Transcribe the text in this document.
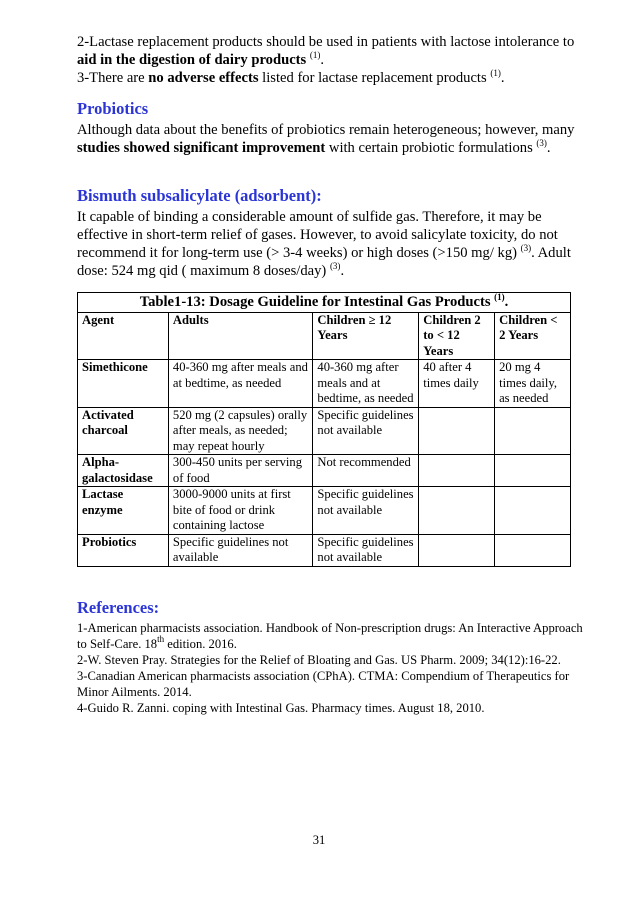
2-Lactase replacement products should be used in patients with lactose intolerance to aid in the digestion of dairy products $^{(1)}$.
3-There are no adverse effects listed for lactase replacement products $^{(1)}$.

Probiotics

Although data about the benefits of probiotics remain heterogeneous; however, many studies showed significant improvement with certain probiotic formulations $^{(3)}$.

Bismuth subsalicylate (adsorbent):

It capable of binding a considerable amount of sulfide gas. Therefore, it may be effective in short-term relief of gases. However, to avoid salicylate toxicity, do not recommend it for long-term use (> 3-4 weeks) or high doses (>150 mg/ kg) $^{(3)}$. Adult dose: 524 mg qid ( maximum 8 doses/day) $^{(3)}$.

Table1-13: Dosage Guideline for Intestinal Gas Products $^{(1)}$.				
Agent	Adults	Children ≥ 12 Years	Children 2 to < 12 Years	Children < 2 Years
Simethicone	40-360 mg after meals and at bedtime, as needed	40-360 mg after meals and at bedtime, as needed	40 after 4 times daily	20 mg 4 times daily, as needed
Activated charcoal	520 mg (2 capsules) orally after meals, as needed; may repeat hourly	Specific guidelines not available		
Alpha-galactosidase	300-450 units per serving of food	Not recommended		
Lactase enzyme	3000-9000 units at first bite of food or drink containing lactose	Specific guidelines not available		
Probiotics	Specific guidelines not available	Specific guidelines not available		
References:

1-American pharmacists association. Handbook of Non-prescription drugs: An Interactive Approach to Self-Care. 18th edition. 2016.
2-W. Steven Pray. Strategies for the Relief of Bloating and Gas. US Pharm. 2009; 34(12):16-22.
3-Canadian American pharmacists association (CPhA). CTMA: Compendium of Therapeutics for Minor Ailments. 2014.
4-Guido R. Zanni. coping with Intestinal Gas. Pharmacy times. August 18, 2010.

31
